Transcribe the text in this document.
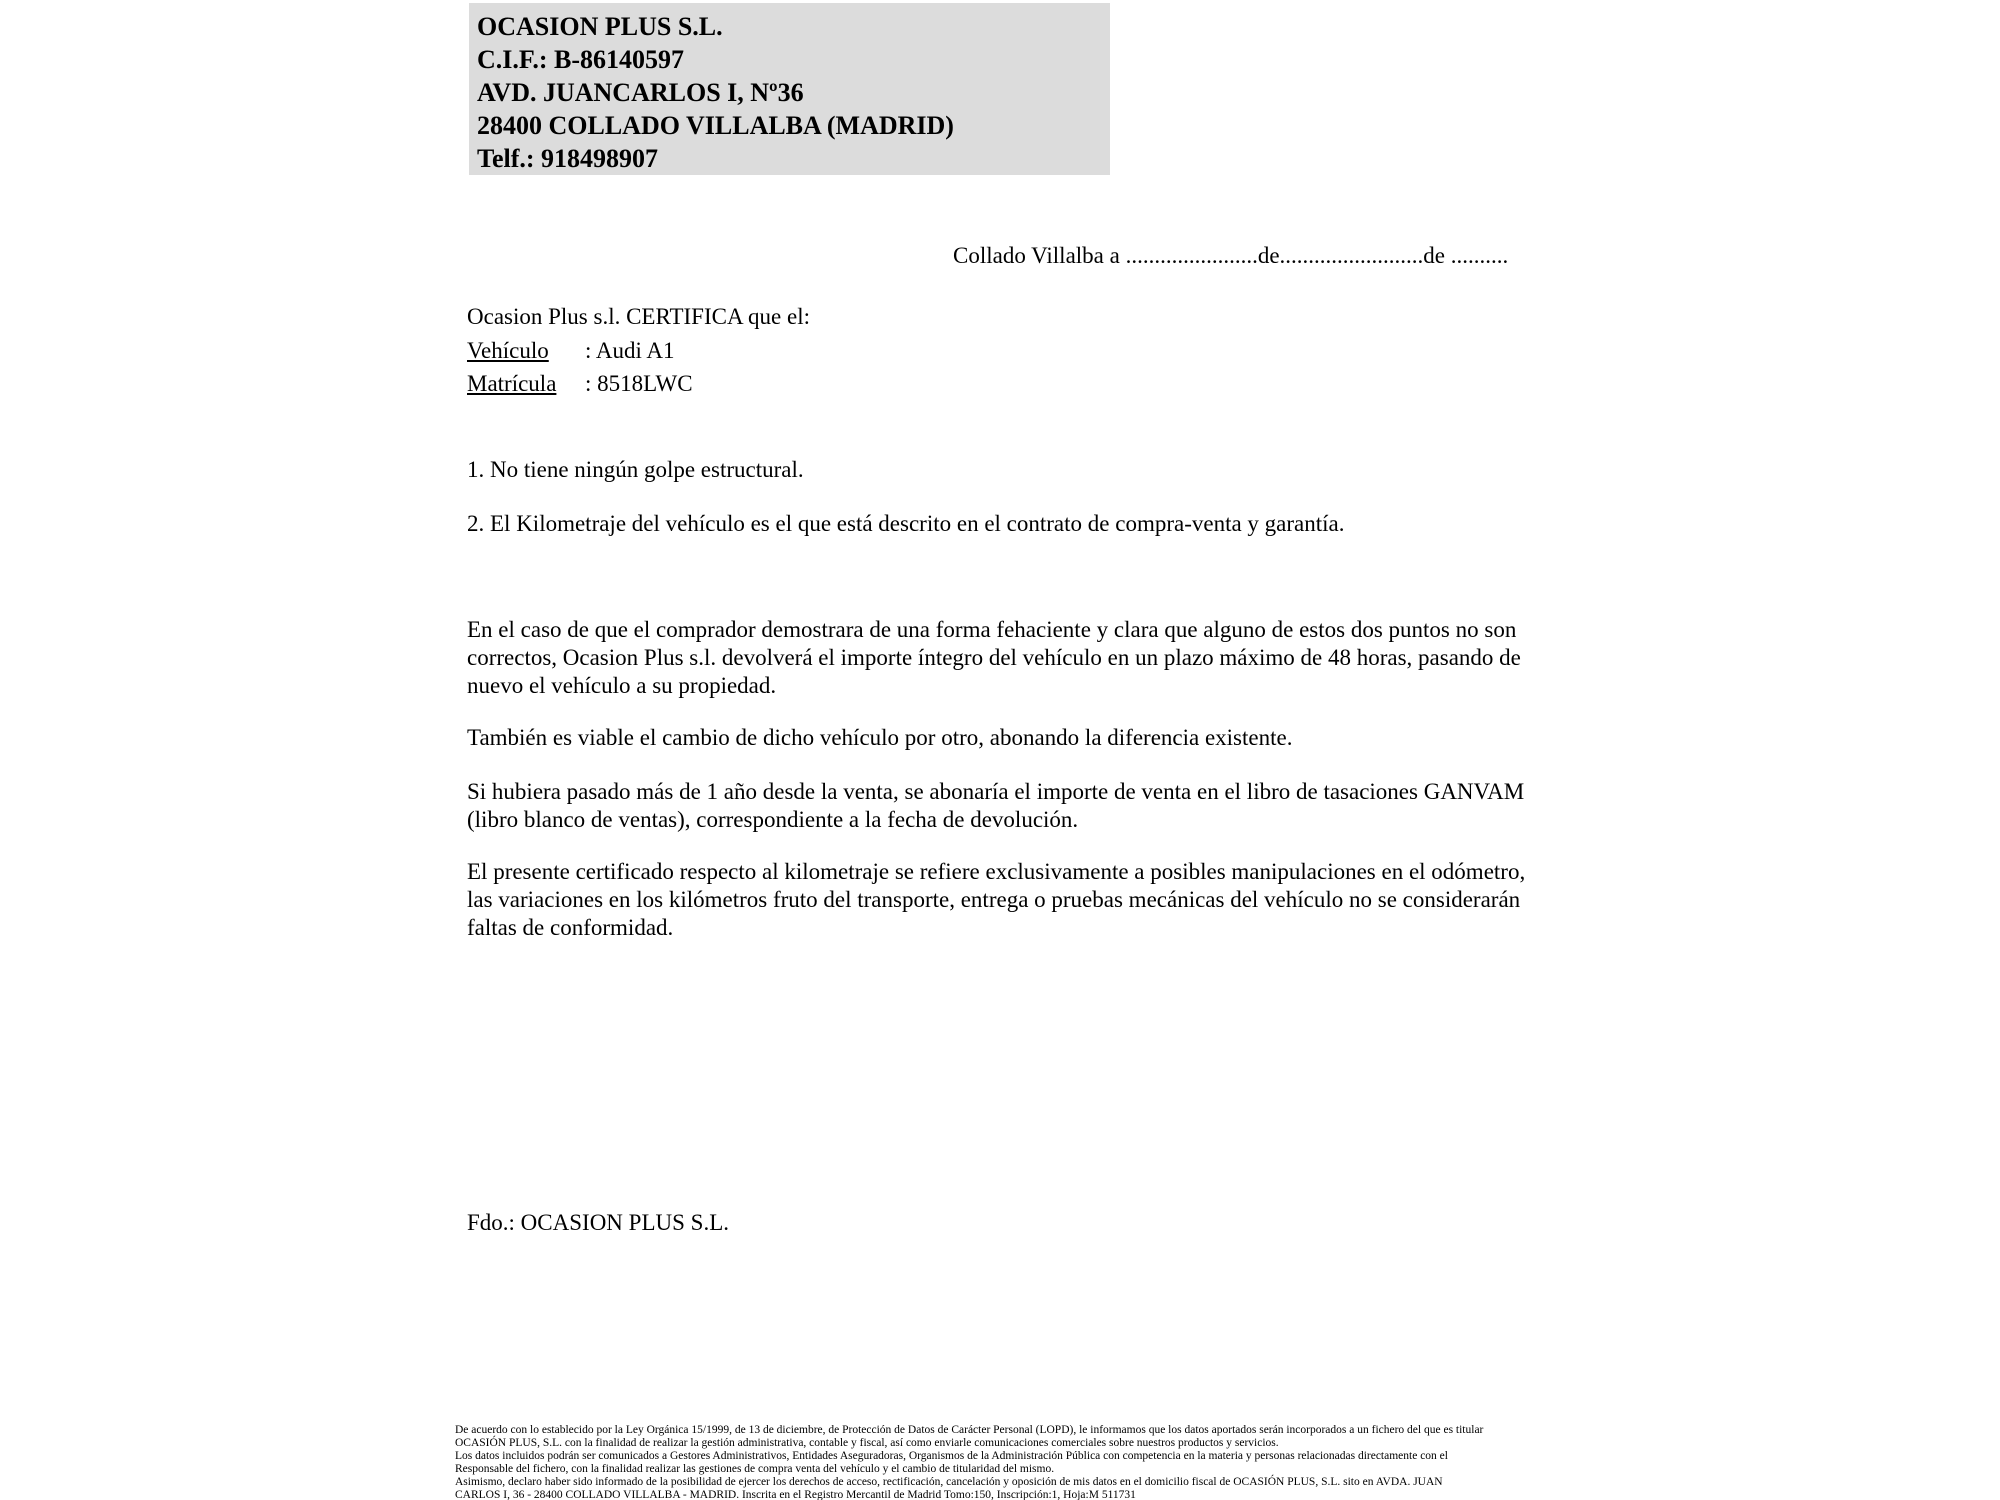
OCASION PLUS S.L.
C.I.F.: B-86140597
AVD. JUANCARLOS I, Nº36
28400 COLLADO VILLALBA (MADRID)
Telf.: 918498907
Collado Villalba a .......................de.........................de ..........
Ocasion Plus s.l. CERTIFICA que el:
Vehículo : Audi A1
Matrícula : 8518LWC
1. No tiene ningún golpe estructural.
2. El Kilometraje del vehículo es el que está descrito en el contrato de compra-venta y garantía.
En el caso de que el comprador demostrara de una forma fehaciente y clara que alguno de estos dos puntos no son correctos, Ocasion Plus s.l. devolverá el importe íntegro del vehículo en un plazo máximo de 48 horas, pasando de nuevo el vehículo a su propiedad.
También es viable el cambio de dicho vehículo por otro, abonando la diferencia existente.
Si hubiera pasado más de 1 año desde la venta, se abonaría el importe de venta en el libro de tasaciones GANVAM (libro blanco de ventas), correspondiente a la fecha de devolución.
El presente certificado respecto al kilometraje se refiere exclusivamente a posibles manipulaciones en el odómetro, las variaciones en los kilómetros fruto del transporte, entrega o pruebas mecánicas del vehículo no se considerarán faltas de conformidad.
Fdo.: OCASION PLUS S.L.
De acuerdo con lo establecido por la Ley Orgánica 15/1999, de 13 de diciembre, de Protección de Datos de Carácter Personal (LOPD), le informamos que los datos aportados serán incorporados a un fichero del que es titular
OCASIÓN PLUS, S.L. con la finalidad de realizar la gestión administrativa, contable y fiscal, así como enviarle comunicaciones comerciales sobre nuestros productos y servicios.
Los datos incluidos podrán ser comunicados a Gestores Administrativos, Entidades Aseguradoras, Organismos de la Administración Pública con competencia en la materia y personas relacionadas directamente con el
Responsable del fichero, con la finalidad realizar las gestiones de compra venta del vehículo y el cambio de titularidad del mismo.
Asimismo, declaro haber sido informado de la posibilidad de ejercer los derechos de acceso, rectificación, cancelación y oposición de mis datos en el domicilio fiscal de OCASIÓN PLUS, S.L. sito en AVDA. JUAN
CARLOS I, 36 - 28400 COLLADO VILLALBA - MADRID. Inscrita en el Registro Mercantil de Madrid Tomo:150, Inscripción:1, Hoja:M 511731
